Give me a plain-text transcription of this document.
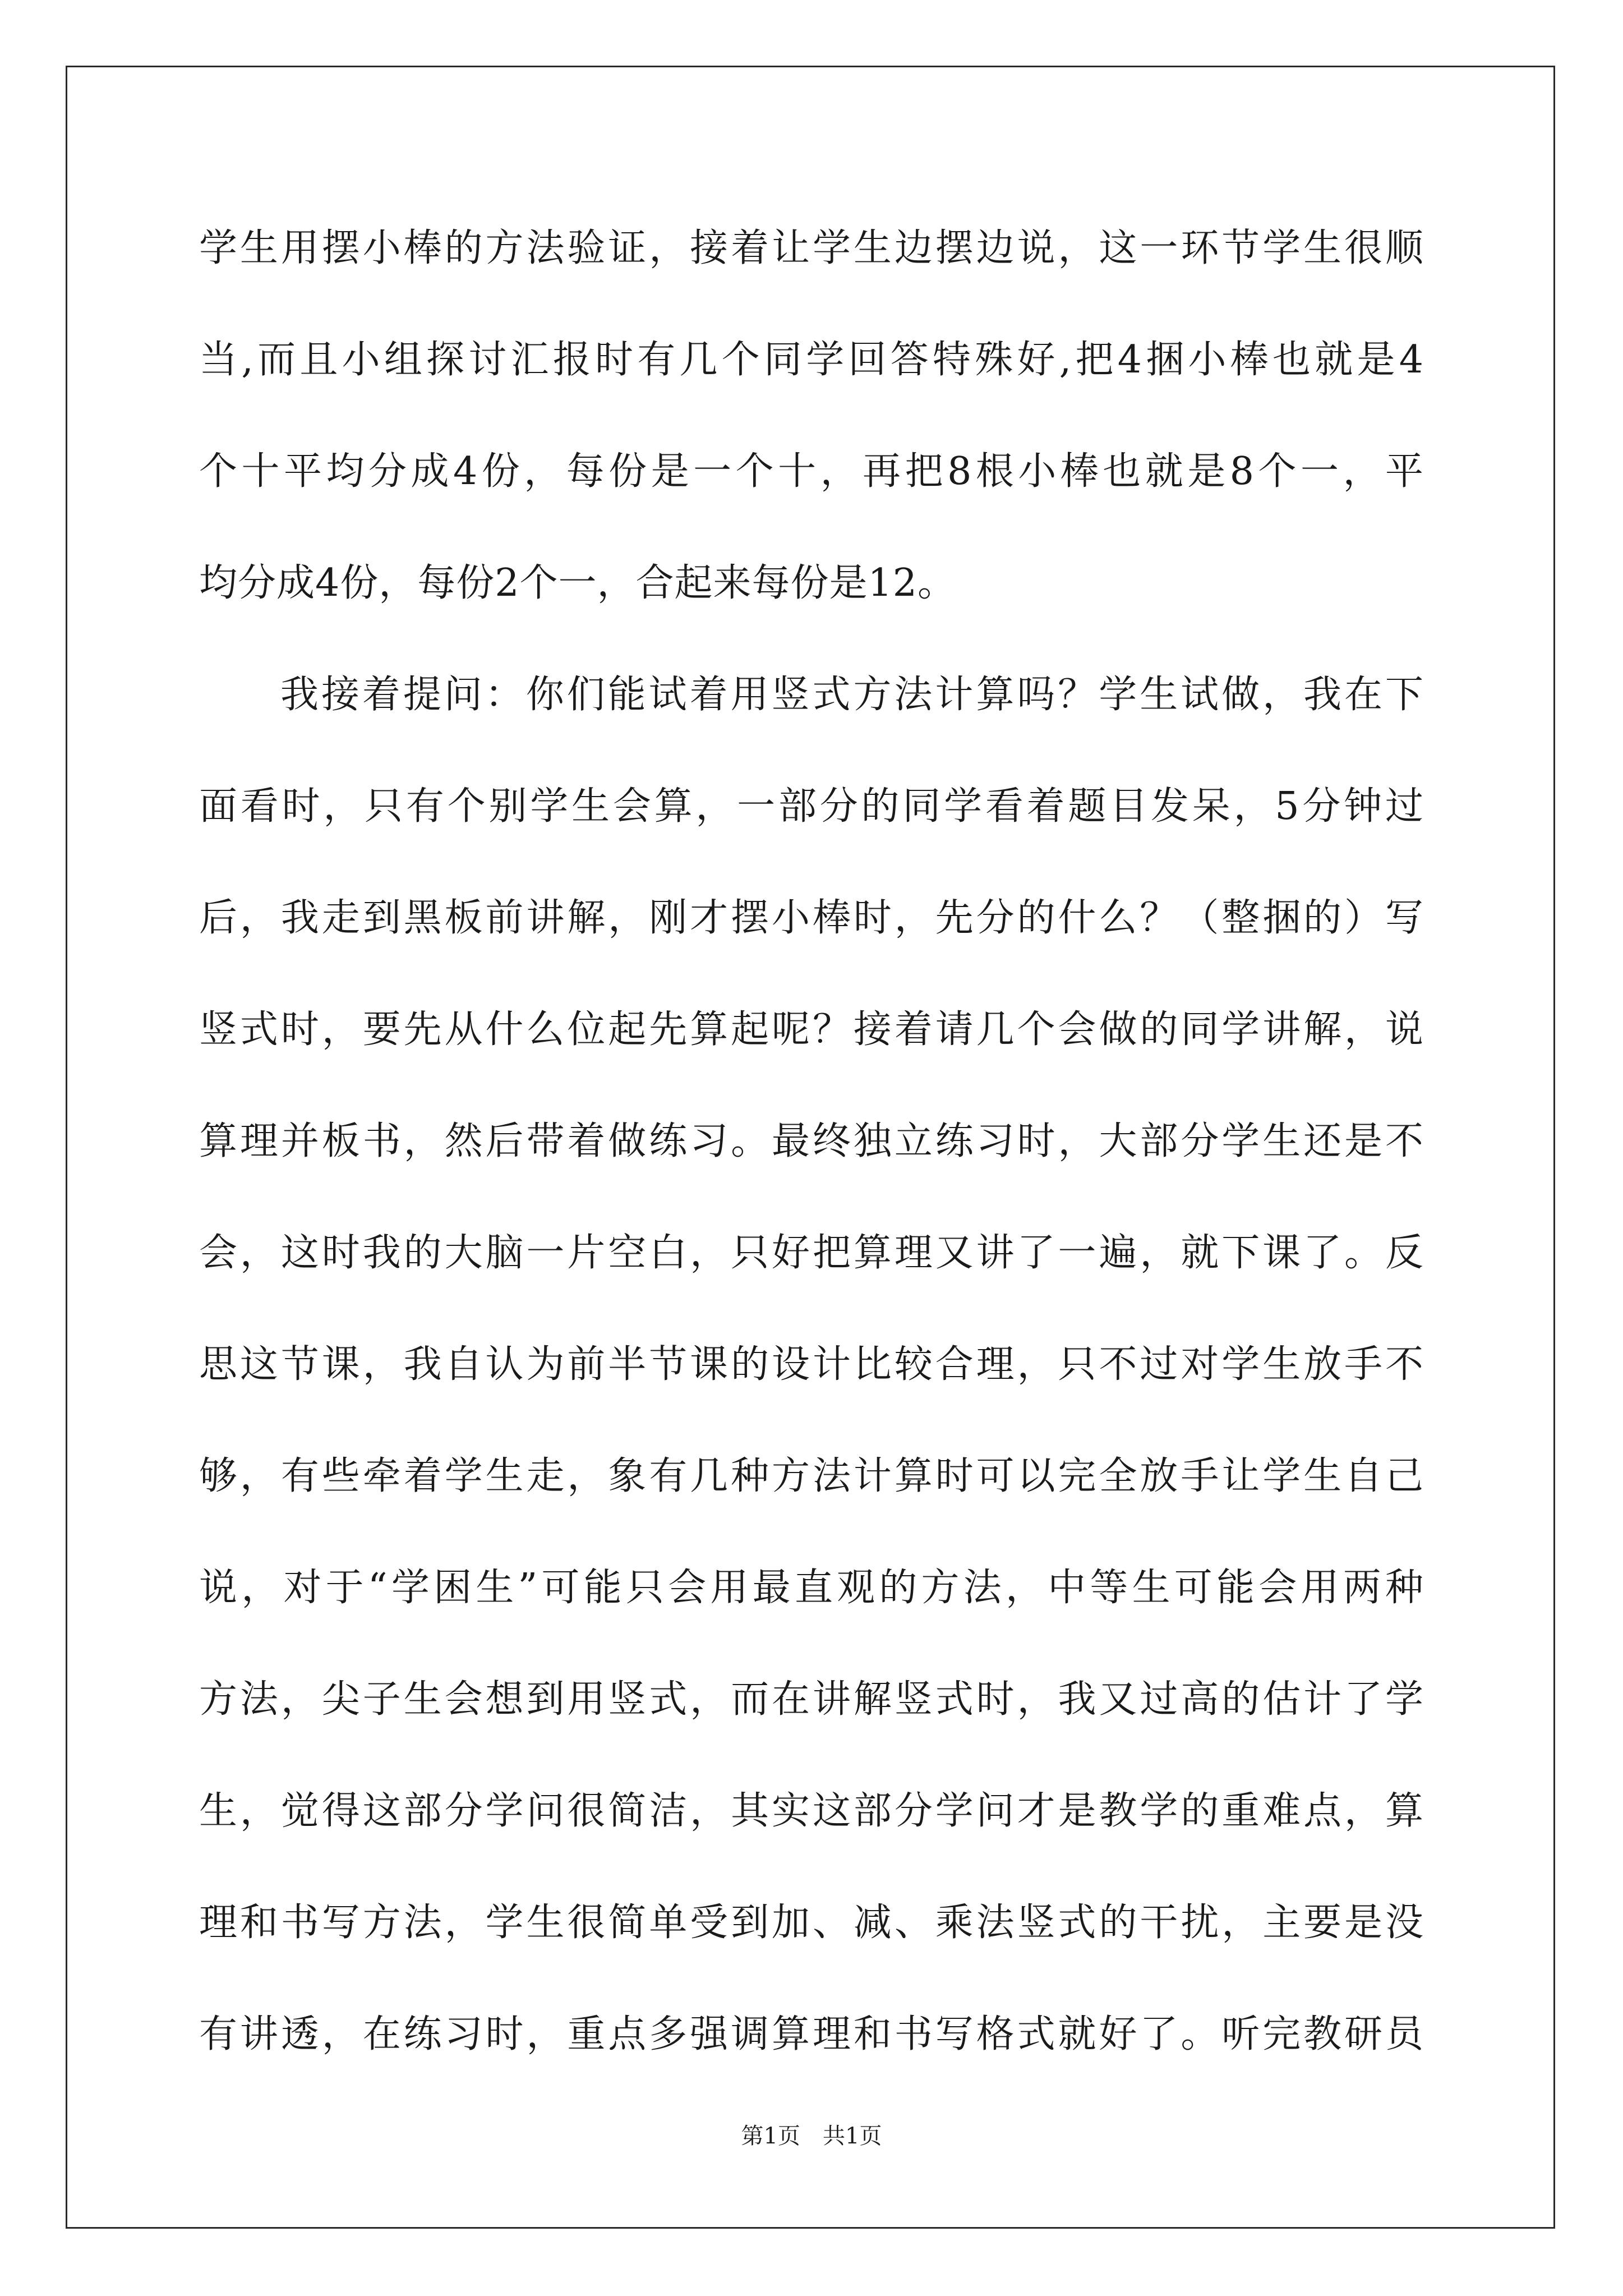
学生用摆小棒的方法验证，接着让学生边摆边说，这一环节学生很顺
当,而且小组探讨汇报时有几个同学回答特殊好,把4捆小棒也就是4
个十平均分成4份，每份是一个十，再把8根小棒也就是8个一，平
均分成4份，每份2个一，合起来每份是12。
我接着提问：你们能试着用竖式方法计算吗？学生试做，我在下
面看时，只有个别学生会算，一部分的同学看着题目发呆，5分钟过
后，我走到黑板前讲解，刚才摆小棒时，先分的什么？（整捆的）写
竖式时，要先从什么位起先算起呢？接着请几个会做的同学讲解，说
算理并板书，然后带着做练习。最终独立练习时，大部分学生还是不
会，这时我的大脑一片空白，只好把算理又讲了一遍，就下课了。反
思这节课，我自认为前半节课的设计比较合理，只不过对学生放手不
够，有些牵着学生走，象有几种方法计算时可以完全放手让学生自己
说，对于“学困生”可能只会用最直观的方法，中等生可能会用两种
方法，尖子生会想到用竖式，而在讲解竖式时，我又过高的估计了学
生，觉得这部分学问很简洁，其实这部分学问才是教学的重难点，算
理和书写方法，学生很简单受到加、减、乘法竖式的干扰，主要是没
有讲透，在练习时，重点多强调算理和书写格式就好了。听完教研员
第1页　共1页
